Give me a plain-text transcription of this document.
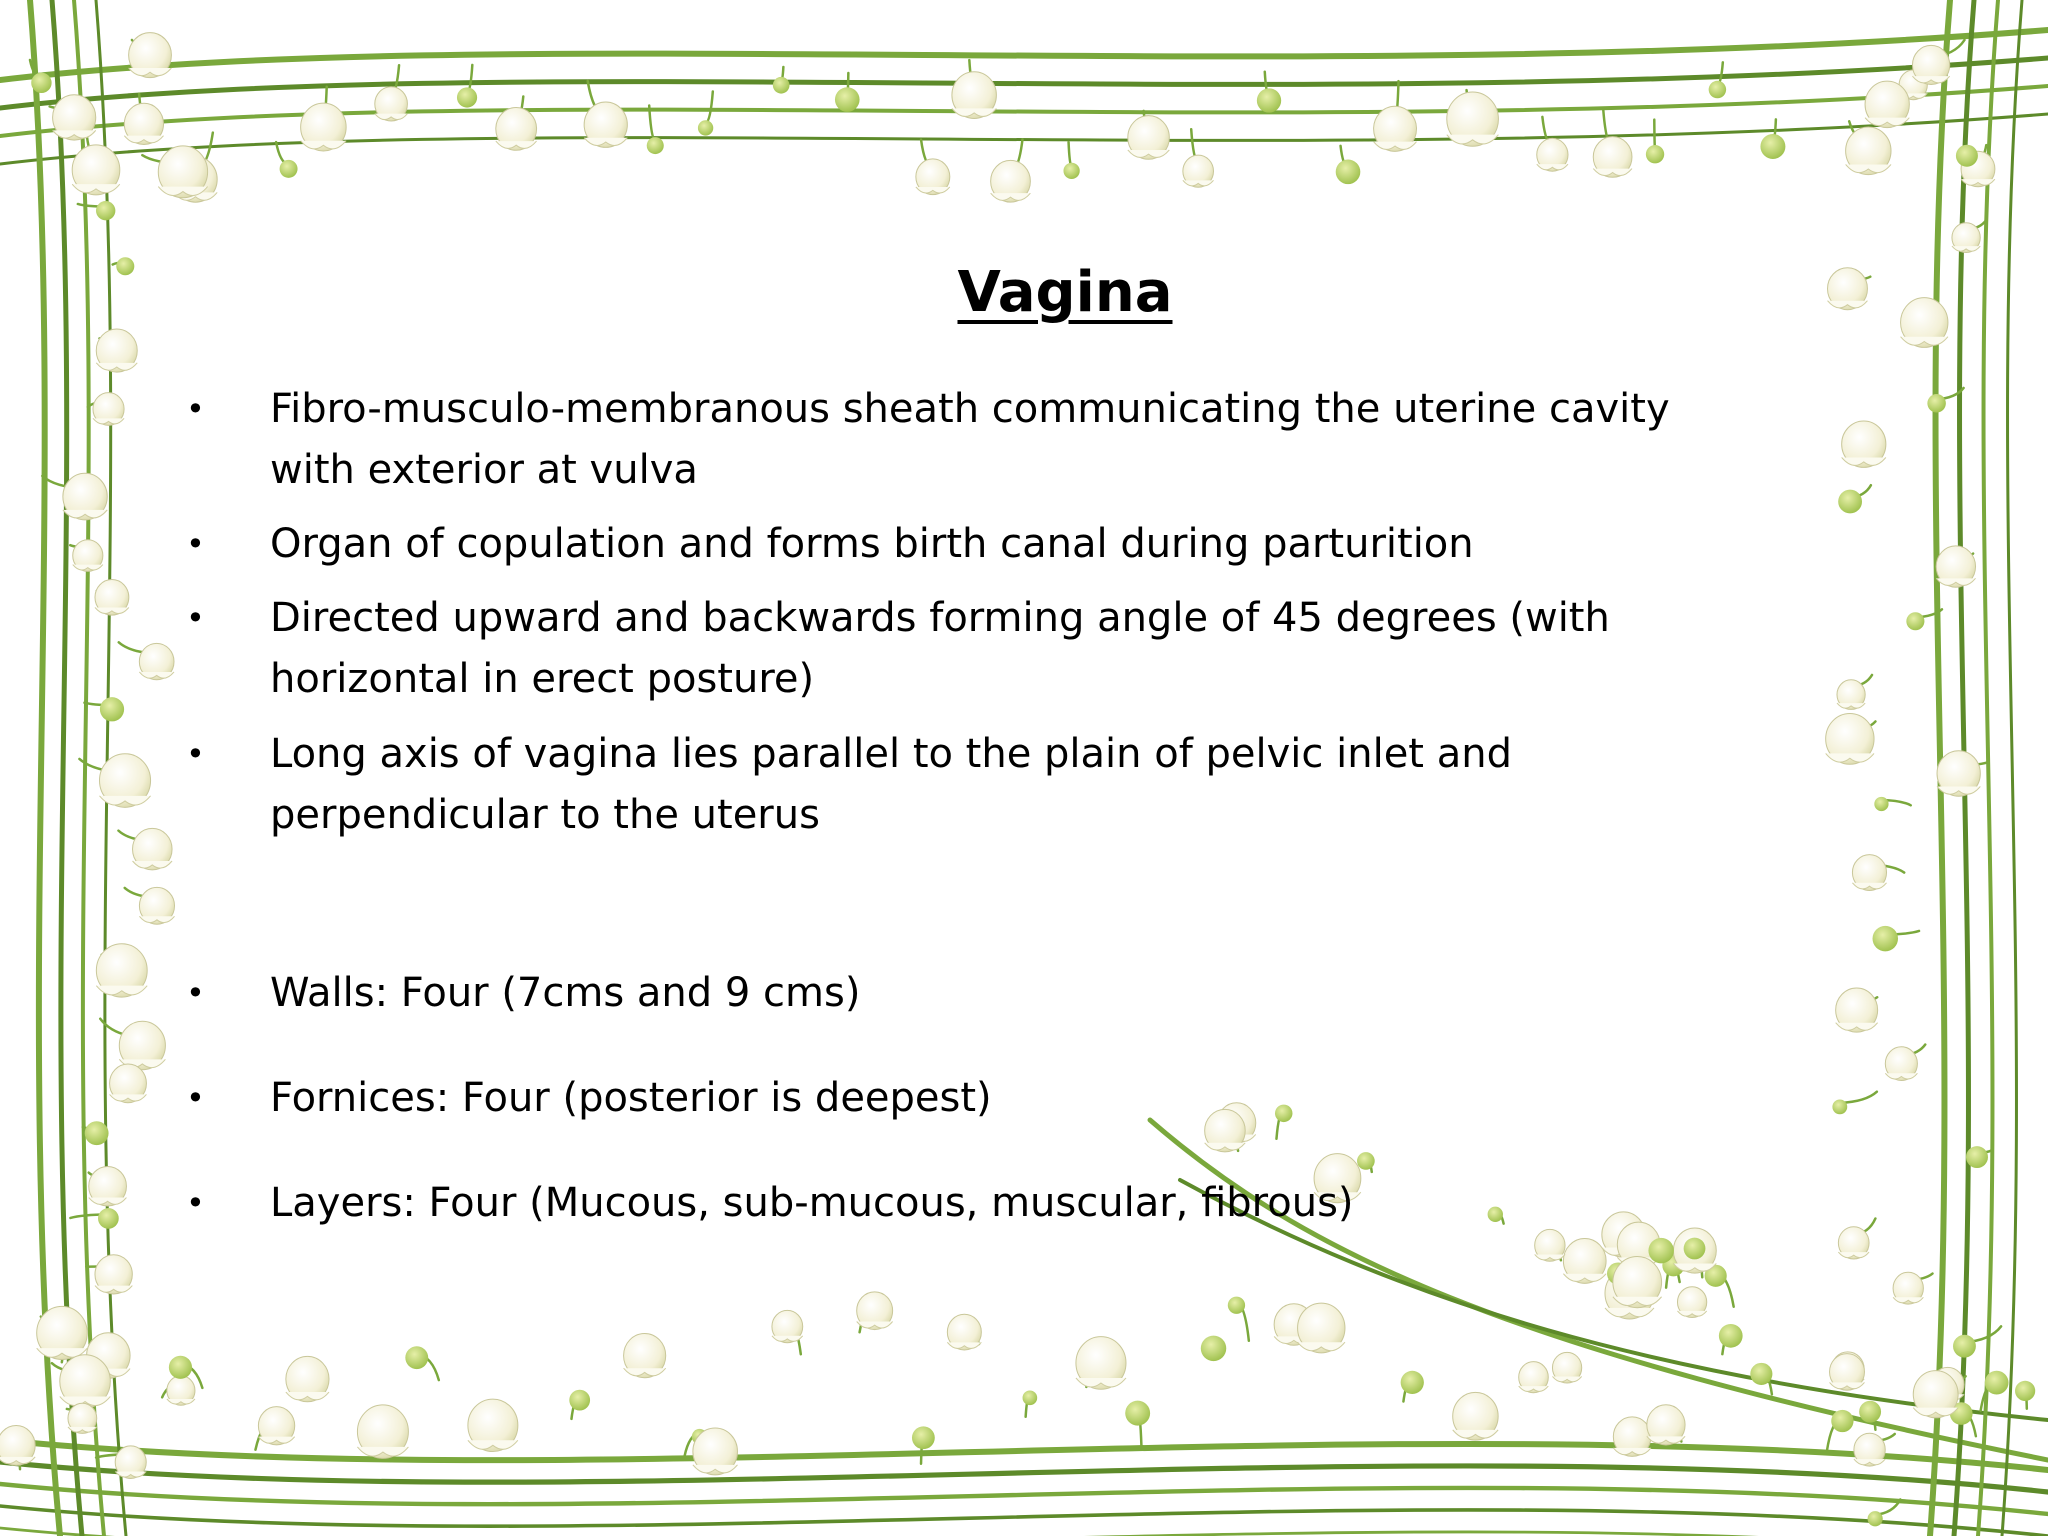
Vagina
• Fibro-musculo-membranous sheath communicating the uterine cavity
with exterior at vulva
• Organ of copulation and forms birth canal during parturition
• Directed upward and backwards forming angle of 45 degrees (with
horizontal in erect posture)
• Long axis of vagina lies parallel to the plain of pelvic inlet and
perpendicular to the uterus
• Walls: Four (7cms and 9 cms)
• Fornices: Four (posterior is deepest)
• Layers: Four (Mucous, sub-mucous, muscular, fibrous)
